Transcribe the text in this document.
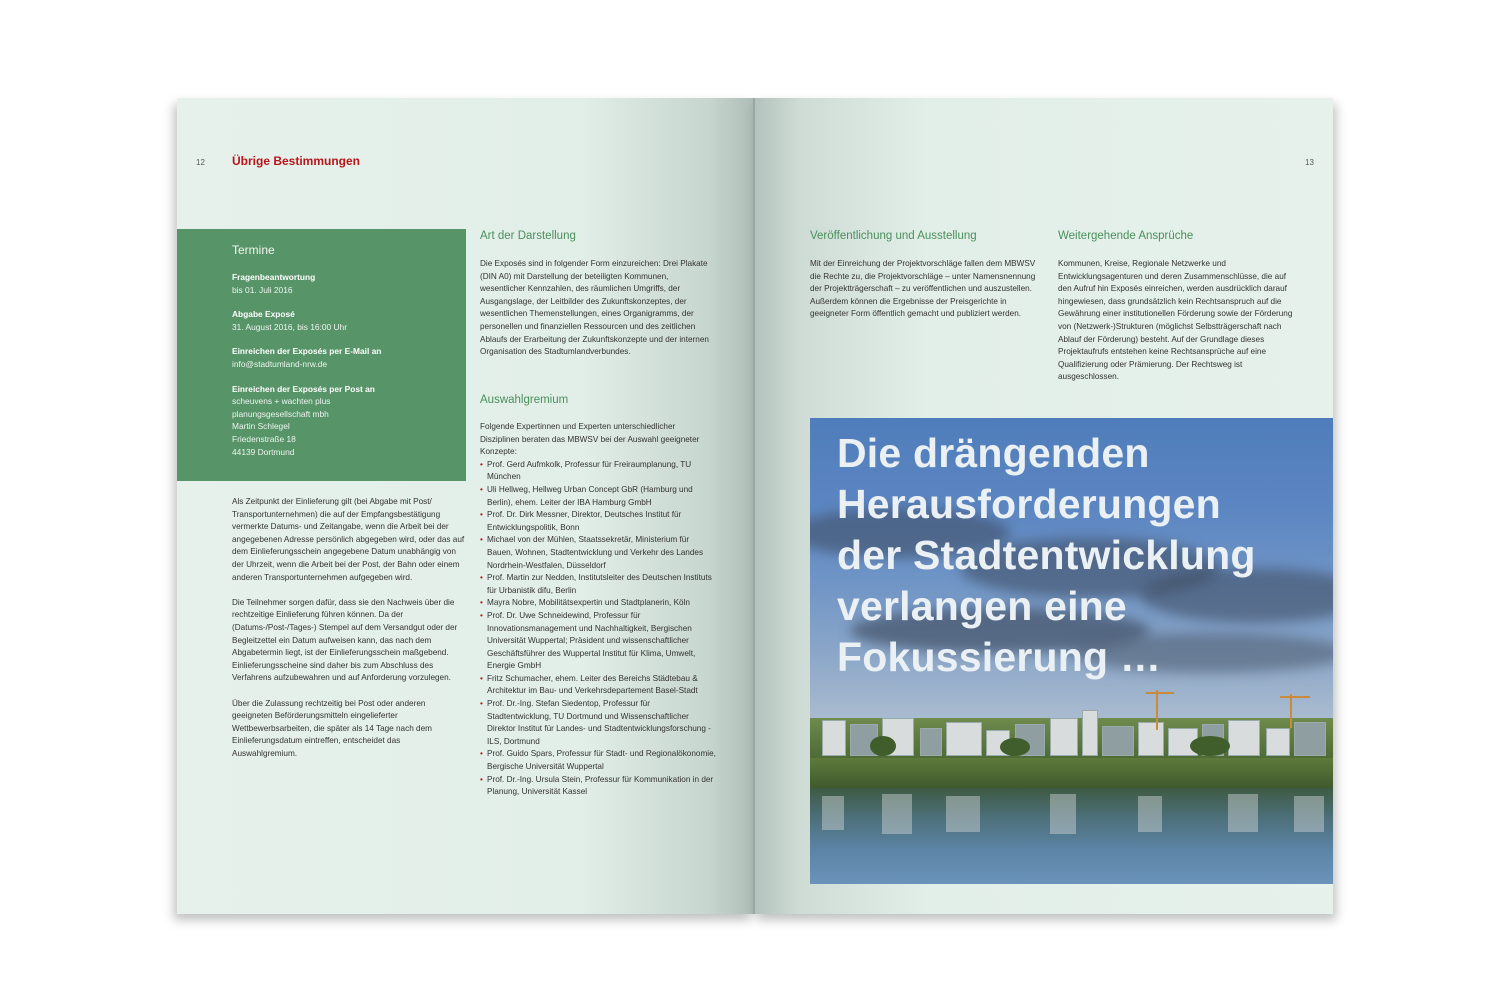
12 Übrige Bestimmungen
Termine
Fragenbeantwortung
bis 01. Juli 2016
Abgabe Exposé
31. August 2016, bis 16:00 Uhr
Einreichen der Exposés per E-Mail an
info@stadtumland-nrw.de
Einreichen der Exposés per Post an
scheuvens + wachten plus
planungsgesellschaft mbh
Martin Schlegel
Friedenstraße 18
44139 Dortmund

Als Zeitpunkt der Einlieferung gilt (bei Abgabe mit Post/ Transportunternehmen) die auf der Empfangsbestätigung vermerkte Datums- und Zeitangabe, wenn die Arbeit bei der angegebenen Adresse persönlich abgegeben wird, oder das auf dem Einlieferungsschein angegebene Datum unabhängig von der Uhrzeit, wenn die Arbeit bei der Post, der Bahn oder einem anderen Transportunternehmen aufgegeben wird.

Die Teilnehmer sorgen dafür, dass sie den Nachweis über die rechtzeitige Einlieferung führen können. Da der (Datums-/Post-/Tages-) Stempel auf dem Versandgut oder der Begleitzettel ein Datum aufweisen kann, das nach dem Abgabetermin liegt, ist der Einlieferungsschein maßgebend. Einlieferungsscheine sind daher bis zum Abschluss des Verfahrens aufzubewahren und auf Anforderung vorzulegen.

Über die Zulassung rechtzeitig bei Post oder anderen geeigneten Beförderungsmitteln eingelieferter Wettbewerbsarbeiten, die später als 14 Tage nach dem Einlieferungsdatum eintreffen, entscheidet das Auswahlgremium.

Art der Darstellung
Die Exposés sind in folgender Form einzureichen: Drei Plakate (DIN A0) mit Darstellung der beteiligten Kommunen, wesentlicher Kennzahlen, des räumlichen Umgriffs, der Ausgangslage, der Leitbilder des Zukunftskonzeptes, der wesentlichen Themenstellungen, eines Organigramms, der personellen und finanziellen Ressourcen und des zeitlichen Ablaufs der Erarbeitung der Zukunftskonzepte und der internen Organisation des Stadtumlandverbundes.
Auswahlgremium
Folgende Expertinnen und Experten unterschiedlicher Disziplinen beraten das MBWSV bei der Auswahl geeigneter Konzepte:
• Prof. Gerd Aufmkolk, Professur für Freiraumplanung, TU München
• Uli Hellweg, Hellweg Urban Concept GbR (Hamburg und Berlin), ehem. Leiter der IBA Hamburg GmbH
• Prof. Dr. Dirk Messner, Direktor, Deutsches Institut für Entwicklungspolitik, Bonn
• Michael von der Mühlen, Staatssekretär, Ministerium für Bauen, Wohnen, Stadtentwicklung und Verkehr des Landes Nordrhein-Westfalen, Düsseldorf
• Prof. Martin zur Nedden, Institutsleiter des Deutschen Instituts für Urbanistik difu, Berlin
• Mayra Nobre, Mobilitätsexpertin und Stadtplanerin, Köln
• Prof. Dr. Uwe Schneidewind, Professur für Innovationsmanagement und Nachhaltigkeit, Bergischen Universität Wuppertal; Präsident und wissenschaftlicher Geschäftsführer des Wuppertal Institut für Klima, Umwelt, Energie GmbH
• Fritz Schumacher, ehem. Leiter des Bereichs Städtebau & Architektur im Bau- und Verkehrsdepartement Basel-Stadt
• Prof. Dr.-Ing. Stefan Siedentop, Professur für Stadtentwicklung, TU Dortmund und Wissenschaftlicher Direktor Institut für Landes- und Stadtentwicklungsforschung - ILS, Dortmund
• Prof. Guido Spars, Professur für Stadt- und Regionalökonomie, Bergische Universität Wuppertal
• Prof. Dr.-Ing. Ursula Stein, Professur für Kommunikation in der Planung, Universität Kassel
13
Veröffentlichung und Ausstellung
Mit der Einreichung der Projektvorschläge fallen dem MBWSV die Rechte zu, die Projektvorschläge – unter Namensnennung der Projektträgerschaft – zu veröffentlichen und auszustellen. Außerdem können die Ergebnisse der Preisgerichte in geeigneter Form öffentlich gemacht und publiziert werden.
Weitergehende Ansprüche
Kommunen, Kreise, Regionale Netzwerke und Entwicklungsagenturen und deren Zusammenschlüsse, die auf den Aufruf hin Exposés einreichen, werden ausdrücklich darauf hingewiesen, dass grundsätzlich kein Rechtsanspruch auf die Gewährung einer institutionellen Förderung sowie der Förderung von (Netzwerk-)Strukturen (möglichst Selbstträgerschaft nach Ablauf der Förderung) besteht. Auf der Grundlage dieses Projektaufrufs entstehen keine Rechtsansprüche auf eine Qualifizierung oder Prämierung. Der Rechtsweg ist ausgeschlossen.
Die drängenden
Herausforderungen
der Stadtentwicklung
verlangen eine
Fokussierung …
